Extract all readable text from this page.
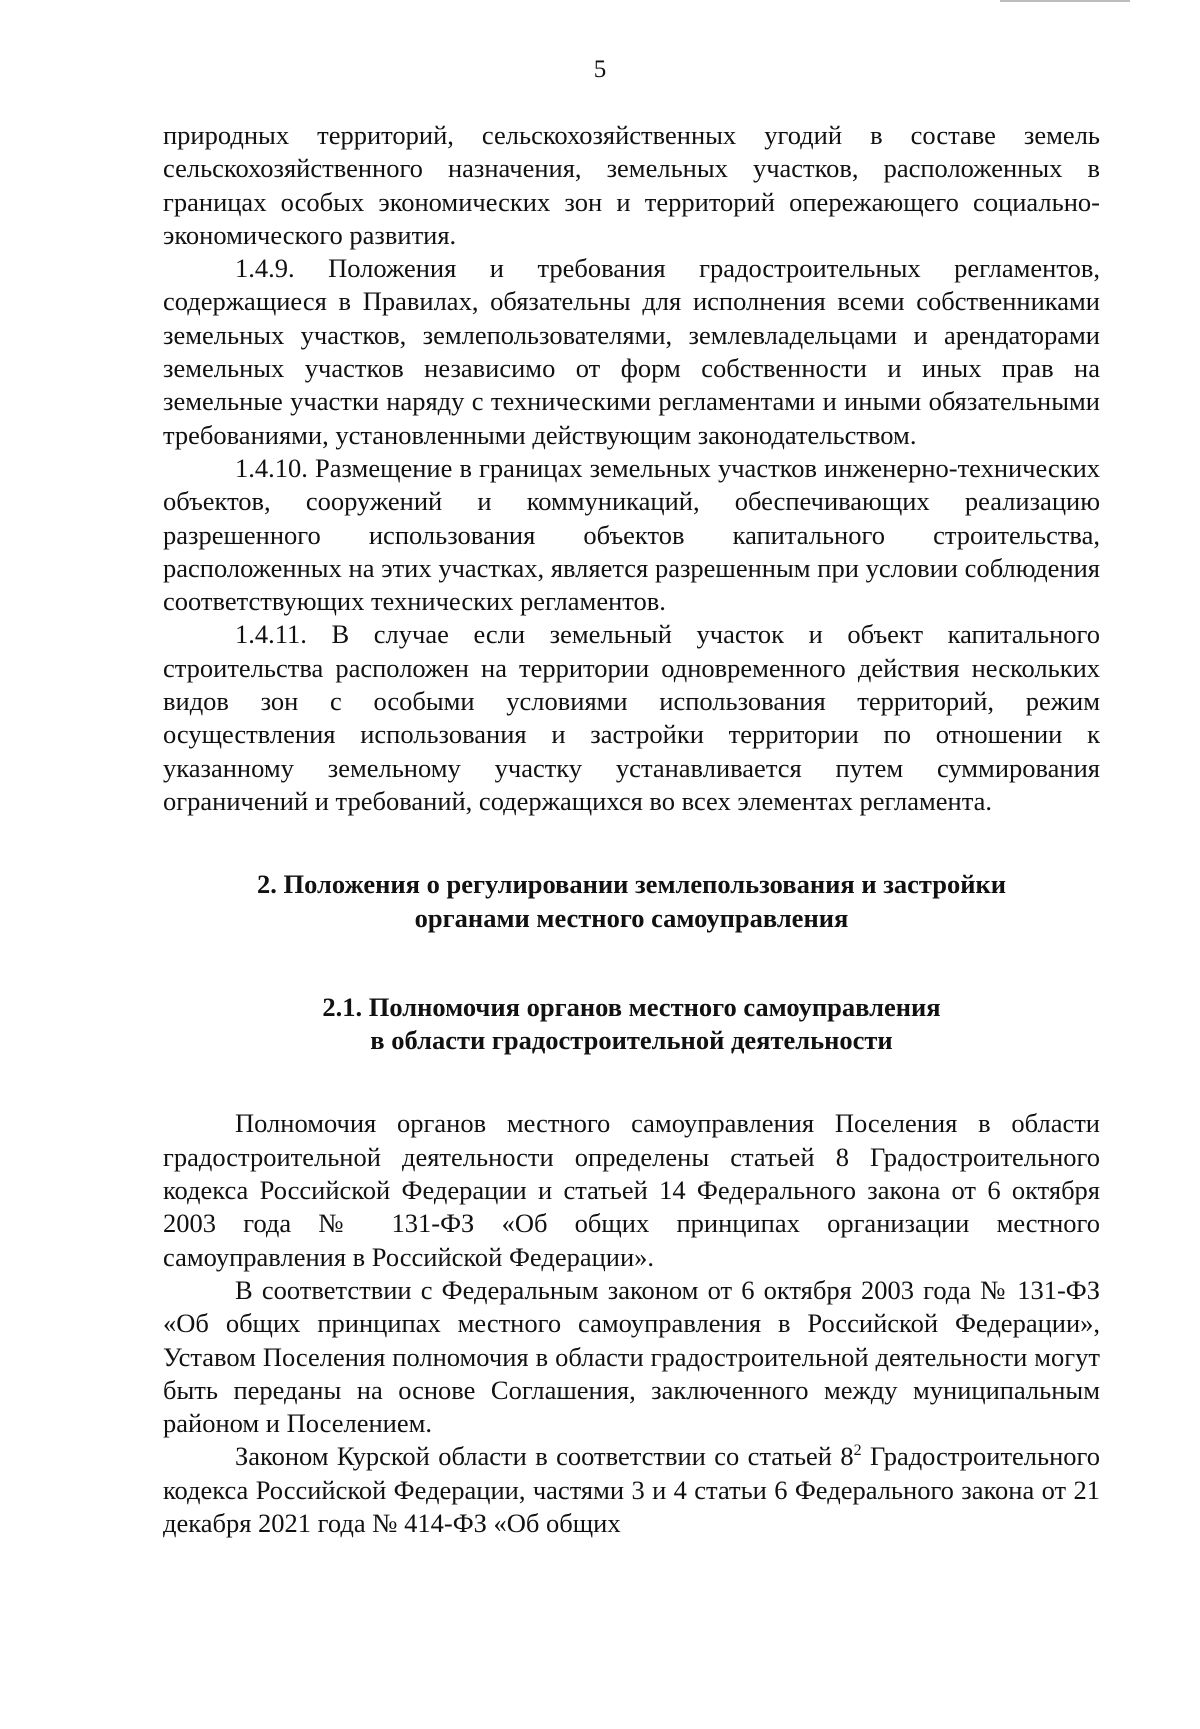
5

природных территорий, сельскохозяйственных угодий в составе земель сельскохозяйственного назначения, земельных участков, расположенных в границах особых экономических зон и территорий опережающего социально-экономического развития.

1.4.9. Положения и требования градостроительных регламентов, содержащиеся в Правилах, обязательны для исполнения всеми собственниками земельных участков, землепользователями, землевладельцами и арендаторами земельных участков независимо от форм собственности и иных прав на земельные участки наряду с техническими регламентами и иными обязательными требованиями, установленными действующим законодательством.

1.4.10. Размещение в границах земельных участков инженерно-технических объектов, сооружений и коммуникаций, обеспечивающих реализацию разрешенного использования объектов капитального строительства, расположенных на этих участках, является разрешенным при условии соблюдения соответствующих технических регламентов.

1.4.11. В случае если земельный участок и объект капитального строительства расположен на территории одновременного действия нескольких видов зон с особыми условиями использования территорий, режим осуществления использования и застройки территории по отношении к указанному земельному участку устанавливается путем суммирования ограничений и требований, содержащихся во всех элементах регламента.

2. Положения о регулировании землепользования и застройки
органами местного самоуправления
2.1. Полномочия органов местного самоуправления
в области градостроительной деятельности

Полномочия органов местного самоуправления Поселения в области градостроительной деятельности определены статьей 8 Градостроительного кодекса Российской Федерации и статьей 14 Федерального закона от 6 октября 2003 года № 131-ФЗ «Об общих принципах организации местного самоуправления в Российской Федерации».

В соответствии с Федеральным законом от 6 октября 2003 года № 131-ФЗ «Об общих принципах местного самоуправления в Российской Федерации», Уставом Поселения полномочия в области градостроительной деятельности могут быть переданы на основе Соглашения, заключенного между муниципальным районом и Поселением.

Законом Курской области в соответствии со статьей $8^2$ Градостроительного кодекса Российской Федерации, частями 3 и 4 статьи 6 Федерального закона от 21 декабря 2021 года № 414-ФЗ «Об общих
